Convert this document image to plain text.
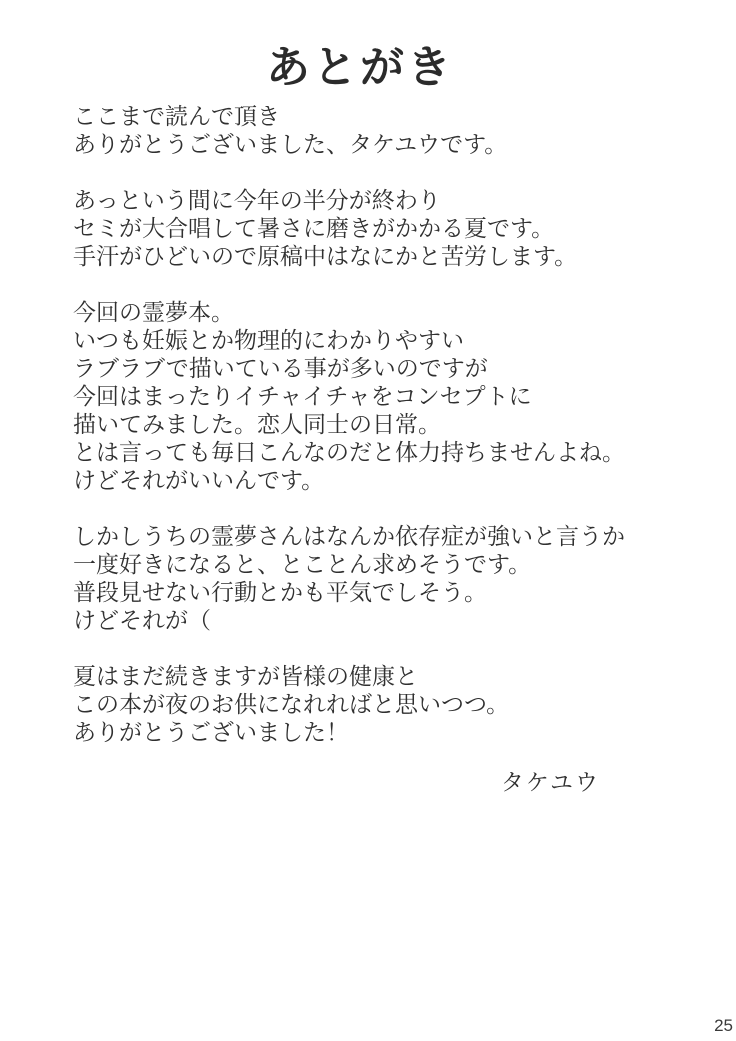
あとがき
ここまで読んで頂き
ありがとうございました、タケユウです。
あっという間に今年の半分が終わり
セミが大合唱して暑さに磨きがかかる夏です。
手汗がひどいので原稿中はなにかと苦労します。
今回の霊夢本。
いつも妊娠とか物理的にわかりやすい
ラブラブで描いている事が多いのですが
今回はまったりイチャイチャをコンセプトに
描いてみました。恋人同士の日常。
とは言っても毎日こんなのだと体力持ちませんよね。
けどそれがいいんです。
しかしうちの霊夢さんはなんか依存症が強いと言うか
一度好きになると、とことん求めそうです。
普段見せない行動とかも平気でしそう。
けどそれが（
夏はまだ続きますが皆様の健康と
この本が夜のお供になれればと思いつつ。
ありがとうございました！
タケユウ
25
